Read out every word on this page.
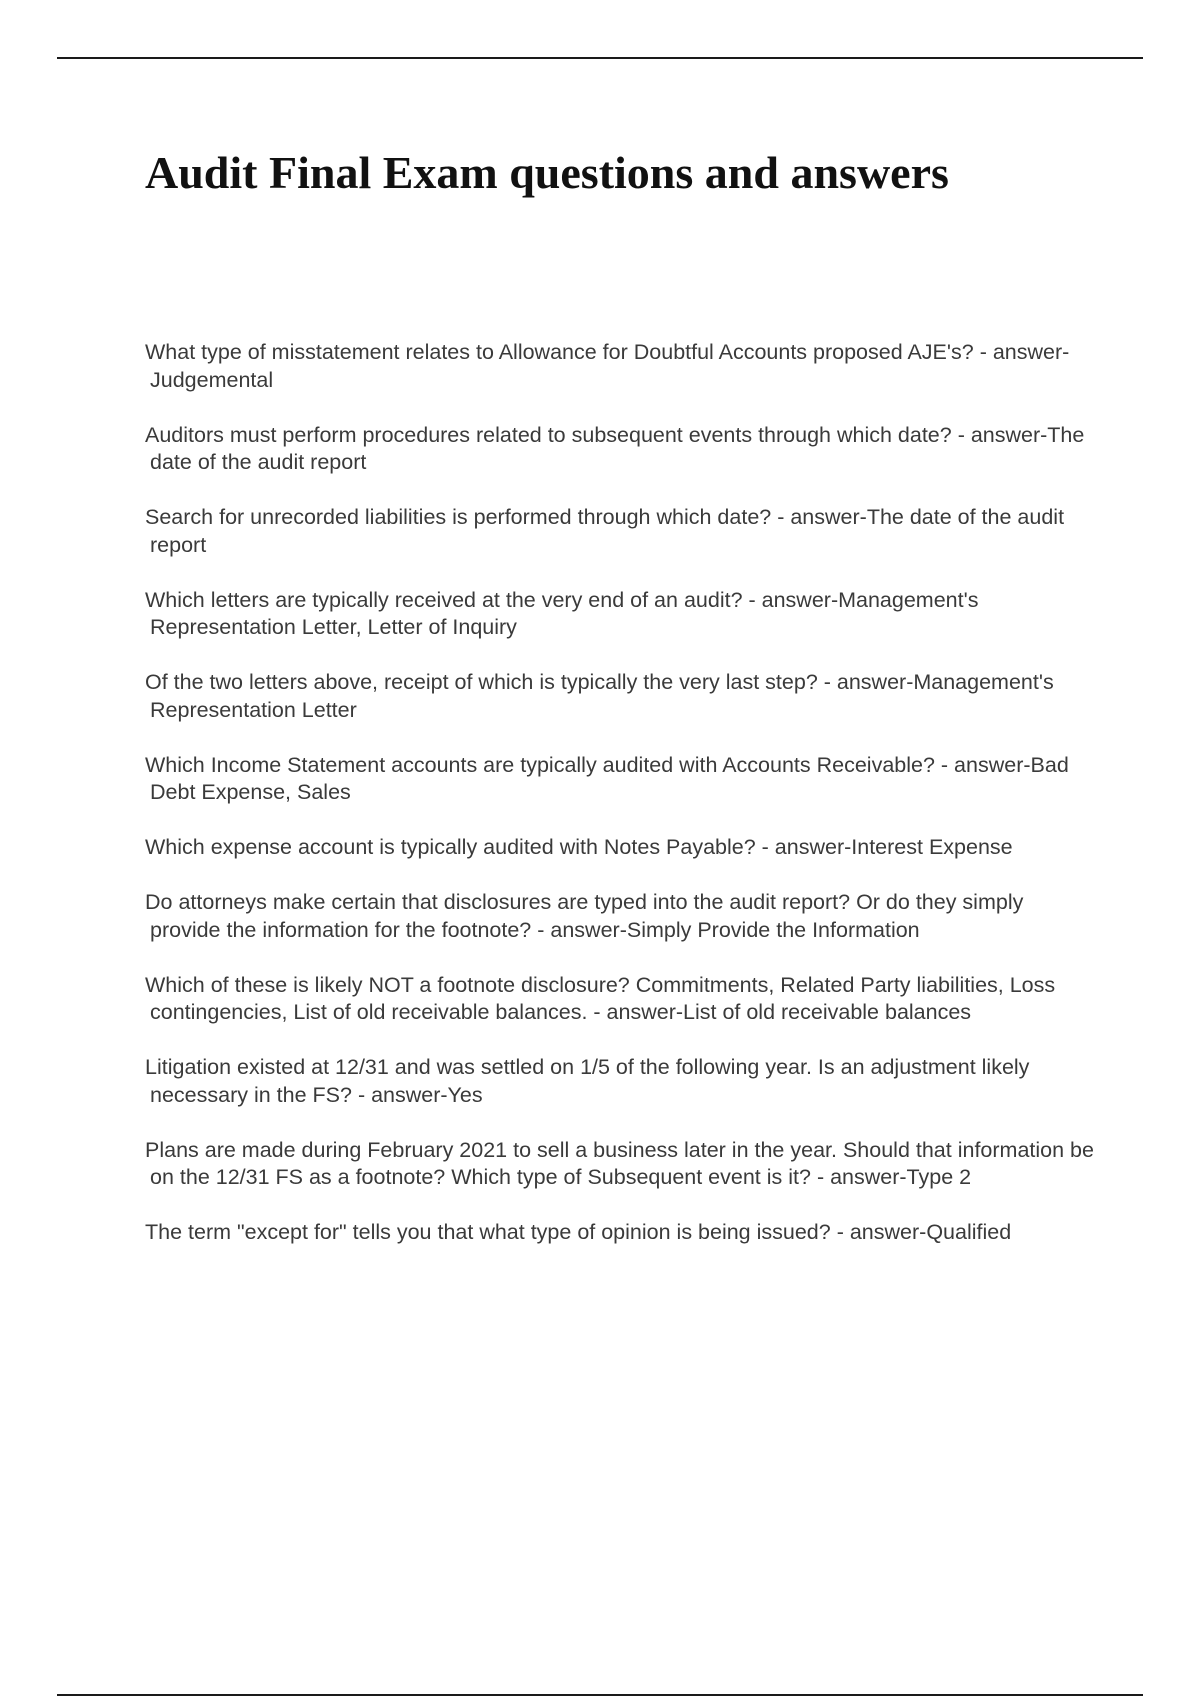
Audit Final Exam questions and answers
What type of misstatement relates to Allowance for Doubtful Accounts proposed AJE's? - answer-Judgemental
Auditors must perform procedures related to subsequent events through which date? - answer-The date of the audit report
Search for unrecorded liabilities is performed through which date? - answer-The date of the audit report
Which letters are typically received at the very end of an audit? - answer-Management's Representation Letter, Letter of Inquiry
Of the two letters above, receipt of which is typically the very last step? - answer-Management's Representation Letter
Which Income Statement accounts are typically audited with Accounts Receivable? - answer-Bad Debt Expense, Sales
Which expense account is typically audited with Notes Payable? - answer-Interest Expense
Do attorneys make certain that disclosures are typed into the audit report? Or do they simply provide the information for the footnote? - answer-Simply Provide the Information
Which of these is likely NOT a footnote disclosure? Commitments, Related Party liabilities, Loss contingencies, List of old receivable balances. - answer-List of old receivable balances
Litigation existed at 12/31 and was settled on 1/5 of the following year. Is an adjustment likely necessary in the FS? - answer-Yes
Plans are made during February 2021 to sell a business later in the year. Should that information be on the 12/31 FS as a footnote? Which type of Subsequent event is it? - answer-Type 2
The term "except for" tells you that what type of opinion is being issued? - answer-Qualified
